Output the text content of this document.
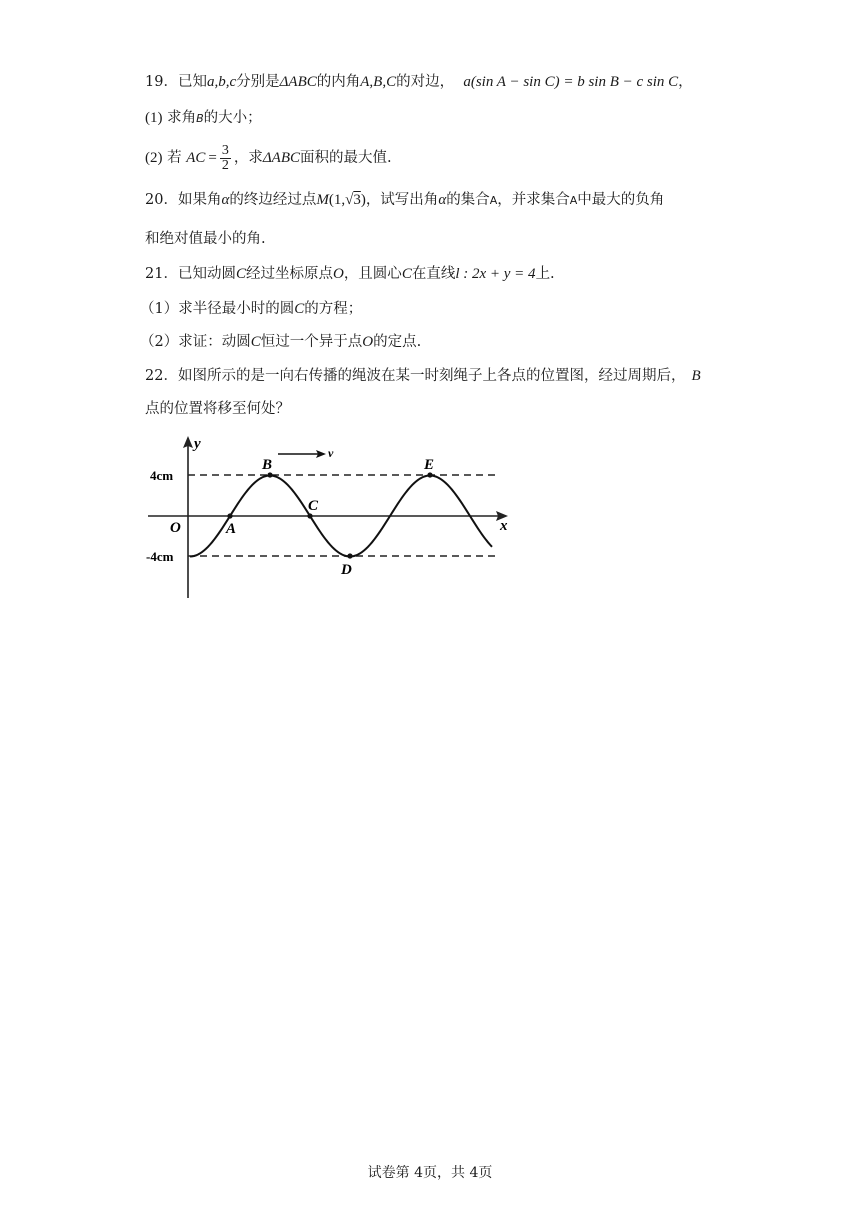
19．已知a,b,c分别是ΔABC的内角A,B,C的对边， a(sin A − sin C) = b sin B − c sin C，
(1) 求角B的大小；
(2) 若 AC = $\frac{3}{2}$ ，求ΔABC面积的最大值.
20．如果角α的终边经过点M(1,√3)，试写出角α的集合A，并求集合A中最大的负角
和绝对值最小的角.
21．已知动圆C经过坐标原点O，且圆心C在直线l : 2x + y = 4上.
（1）求半径最小时的圆C的方程；
（2）求证：动圆C恒过一个异于点O的定点.
22．如图所示的是一向右传播的绳波在某一时刻绳子上各点的位置图，经过周期后， B
点的位置将移至何处？
v
y
x
O
4cm
-4cm
A
B
C
D
E
试卷第 4页，共 4页
